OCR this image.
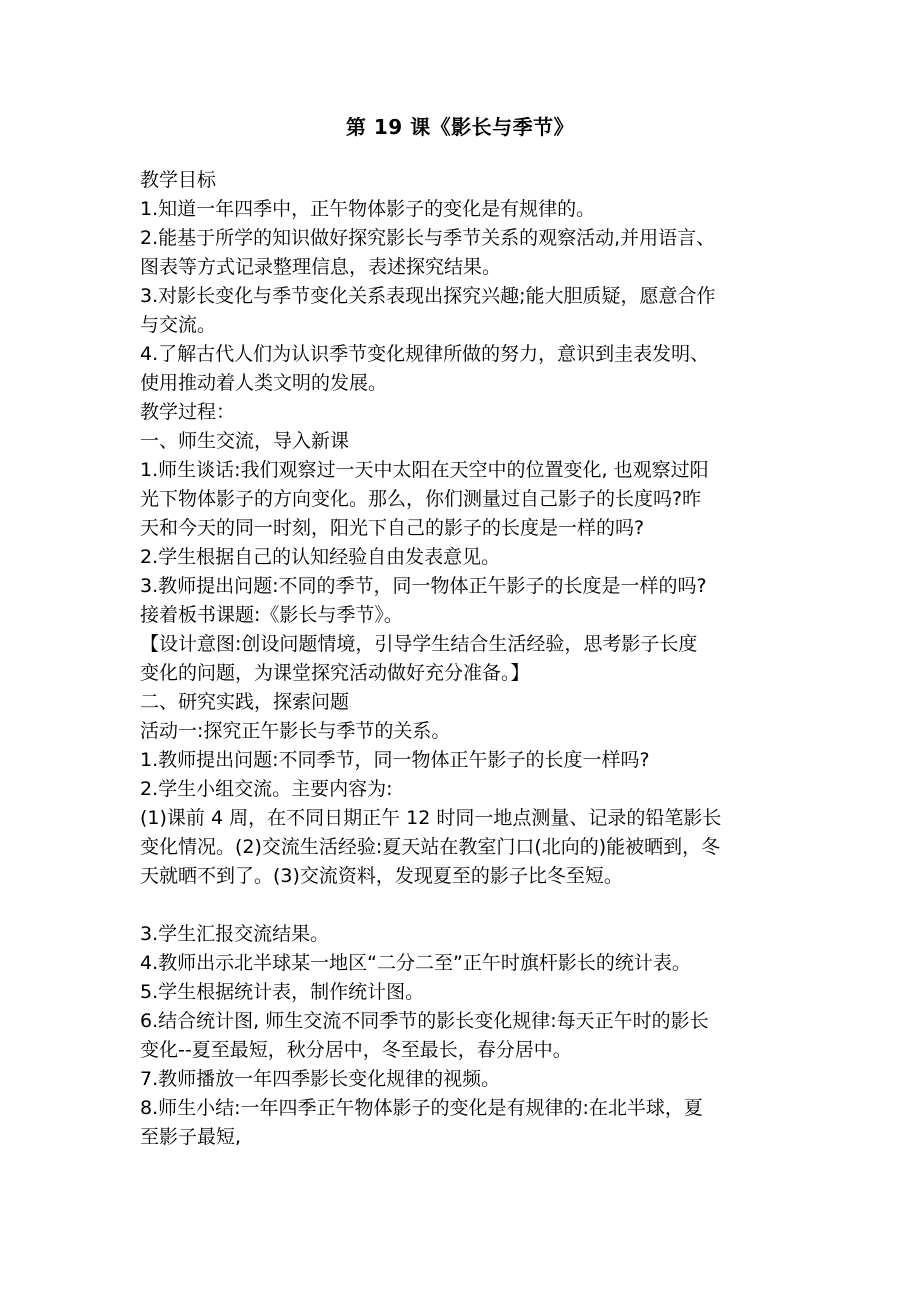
第 19 课《影长与季节》
教学目标
1.知道一年四季中，正午物体影子的变化是有规律的。
2.能基于所学的知识做好探究影长与季节关系的观察活动,并用语言、
图表等方式记录整理信息，表述探究结果。
3.对影长变化与季节变化关系表现出探究兴趣;能大胆质疑，愿意合作
与交流。
4.了解古代人们为认识季节变化规律所做的努力，意识到圭表发明、
使用推动着人类文明的发展。
教学过程：
一、师生交流，导入新课
1.师生谈话:我们观察过一天中太阳在天空中的位置变化, 也观察过阳
光下物体影子的方向变化。那么，你们测量过自己影子的长度吗?昨
天和今天的同一时刻，阳光下自己的影子的长度是一样的吗?
2.学生根据自己的认知经验自由发表意见。
3.教师提出问题:不同的季节，同一物体正午影子的长度是一样的吗?
接着板书课题:《影长与季节》。
【设计意图:创设问题情境，引导学生结合生活经验，思考影子长度
变化的问题，为课堂探究活动做好充分准备。】
二、研究实践，探索问题
活动一:探究正午影长与季节的关系。
1.教师提出问题:不同季节，同一物体正午影子的长度一样吗?
2.学生小组交流。主要内容为:
(1)课前 4 周，在不同日期正午 12 时同一地点测量、记录的铅笔影长
变化情况。(2)交流生活经验:夏天站在教室门口(北向的)能被晒到，冬
天就晒不到了。(3)交流资料，发现夏至的影子比冬至短。
3.学生汇报交流结果。
4.教师出示北半球某一地区“二分二至”正午时旗杆影长的统计表。
5.学生根据统计表，制作统计图。
6.结合统计图, 师生交流不同季节的影长变化规律:每天正午时的影长
变化--夏至最短，秋分居中，冬至最长，春分居中。
7.教师播放一年四季影长变化规律的视频。
8.师生小结:一年四季正午物体影子的变化是有规律的:在北半球，夏
至影子最短,
